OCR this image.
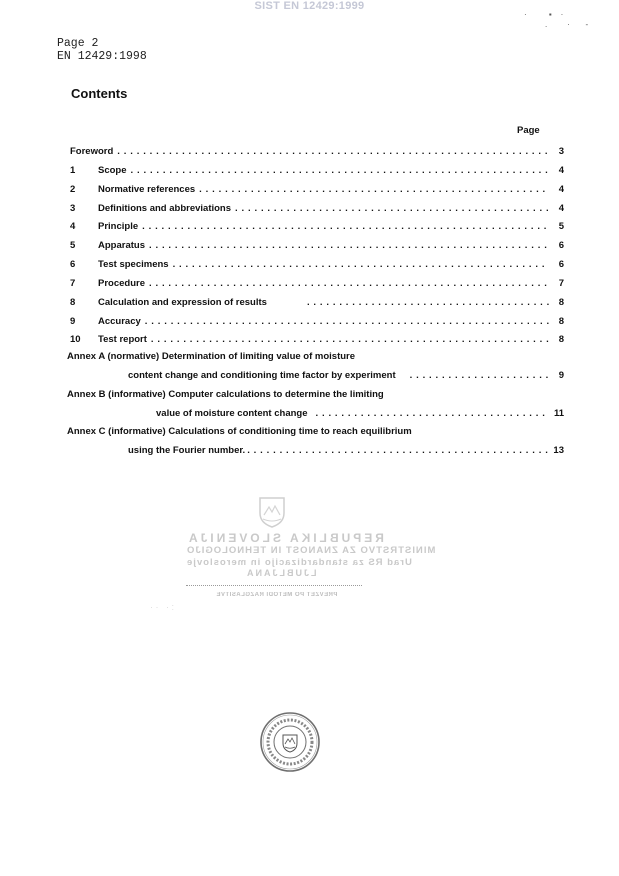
SIST EN 12429:1999
·          ▪    ·
.         ·       -
Page 2
EN 12429:1998
Contents
Page
Foreword . . .	3
1	Scope . . .	4
2	Normative references . . .	4
3	Definitions and abbreviations . . .	4
4	Principle . . .	5
5	Apparatus . . .	6
6	Test specimens . . .	6
7	Procedure . . .	7
8	Calculation and expression of results . . .	8
9	Accuracy . . .	8
10	Test report . . .	8
Annex A (normative) Determination of limiting value of moisture
content change and conditioning time factor by experiment . . .	9
Annex B (informative) Computer calculations to determine the limiting
value of moisture content change . . .	11
Annex C (informative) Calculations of conditioning time to reach equilibrium
using the Fourier number. . . .	13
REPUBLIKA SLOVENIJA
MINISTRSTVO ZA ZNANOST IN TEHNOLOGIJO
Urad RS za standardizacijo in meroslovje
LJUBLJANA
PREVZET PO METODI RAZGLASITVE
· ·   · :
